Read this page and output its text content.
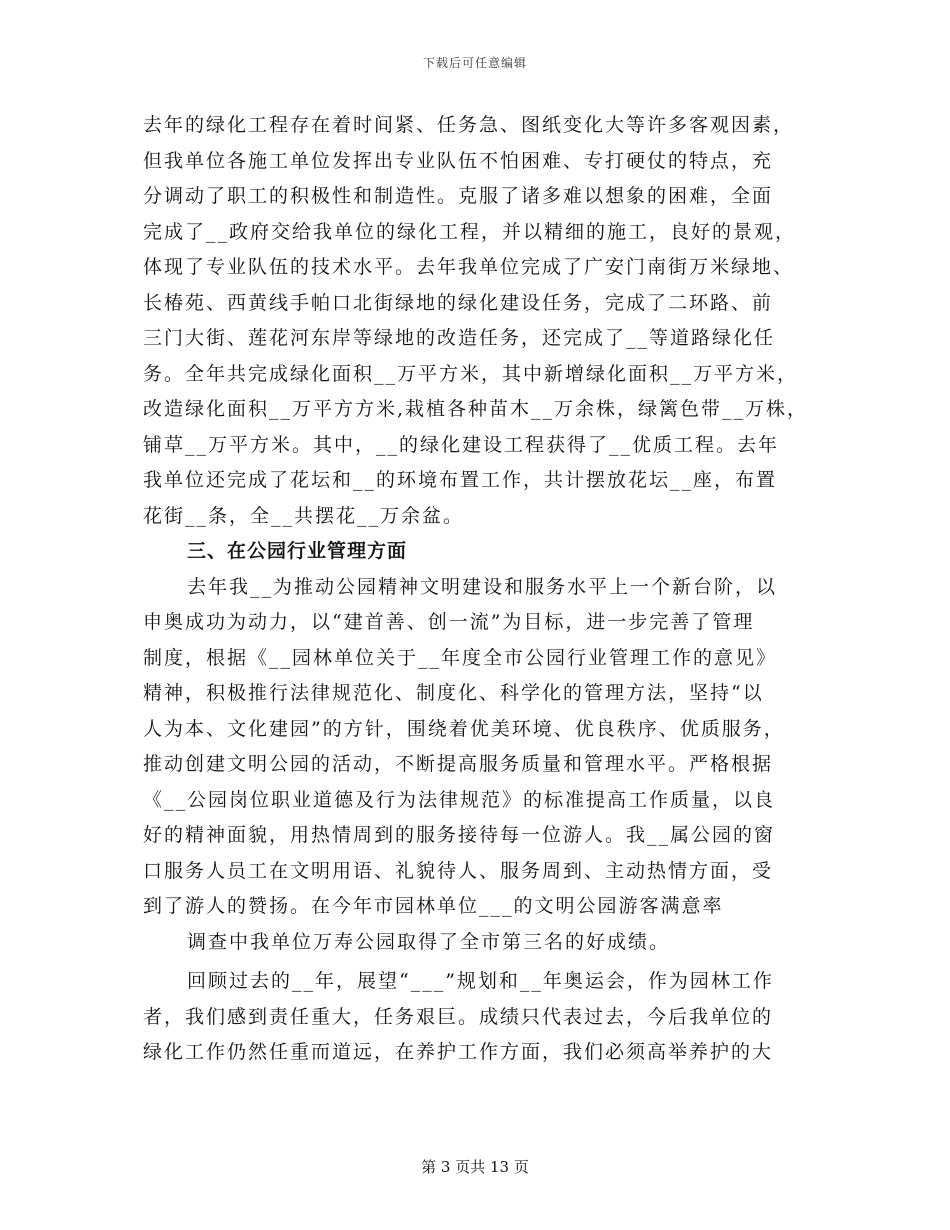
下载后可任意编辑
去年的绿化工程存在着时间紧、任务急、图纸变化大等许多客观因素，
但我单位各施工单位发挥出专业队伍不怕困难、专打硬仗的特点，充
分调动了职工的积极性和制造性。克服了诸多难以想象的困难，全面
完成了__政府交给我单位的绿化工程，并以精细的施工，良好的景观，
体现了专业队伍的技术水平。去年我单位完成了广安门南街万米绿地、
长椿苑、西黄线手帕口北街绿地的绿化建设任务，完成了二环路、前
三门大街、莲花河东岸等绿地的改造任务，还完成了__等道路绿化任
务。全年共完成绿化面积__万平方米，其中新增绿化面积__万平方米，
改造绿化面积__万平方方米,栽植各种苗木__万余株，绿篱色带__万株，
铺草__万平方米。其中，__的绿化建设工程获得了__优质工程。去年
我单位还完成了花坛和__的环境布置工作，共计摆放花坛__座，布置
花街__条，全__共摆花__万余盆。
三、在公园行业管理方面
去年我__为推动公园精神文明建设和服务水平上一个新台阶，以
申奥成功为动力，以“建首善、创一流”为目标，进一步完善了管理
制度，根据《__园林单位关于__年度全市公园行业管理工作的意见》
精神，积极推行法律规范化、制度化、科学化的管理方法，坚持“以
人为本、文化建园”的方针，围绕着优美环境、优良秩序、优质服务，
推动创建文明公园的活动，不断提高服务质量和管理水平。严格根据
《__公园岗位职业道德及行为法律规范》的标准提高工作质量，以良
好的精神面貌，用热情周到的服务接待每一位游人。我__属公园的窗
口服务人员工在文明用语、礼貌待人、服务周到、主动热情方面，受
到了游人的赞扬。在今年市园林单位___的文明公园游客满意率
调查中我单位万寿公园取得了全市第三名的好成绩。
回顾过去的__年，展望“___”规划和__年奥运会，作为园林工作
者，我们感到责任重大，任务艰巨。成绩只代表过去，今后我单位的
绿化工作仍然任重而道远，在养护工作方面，我们必须高举养护的大
第 3 页共 13 页
